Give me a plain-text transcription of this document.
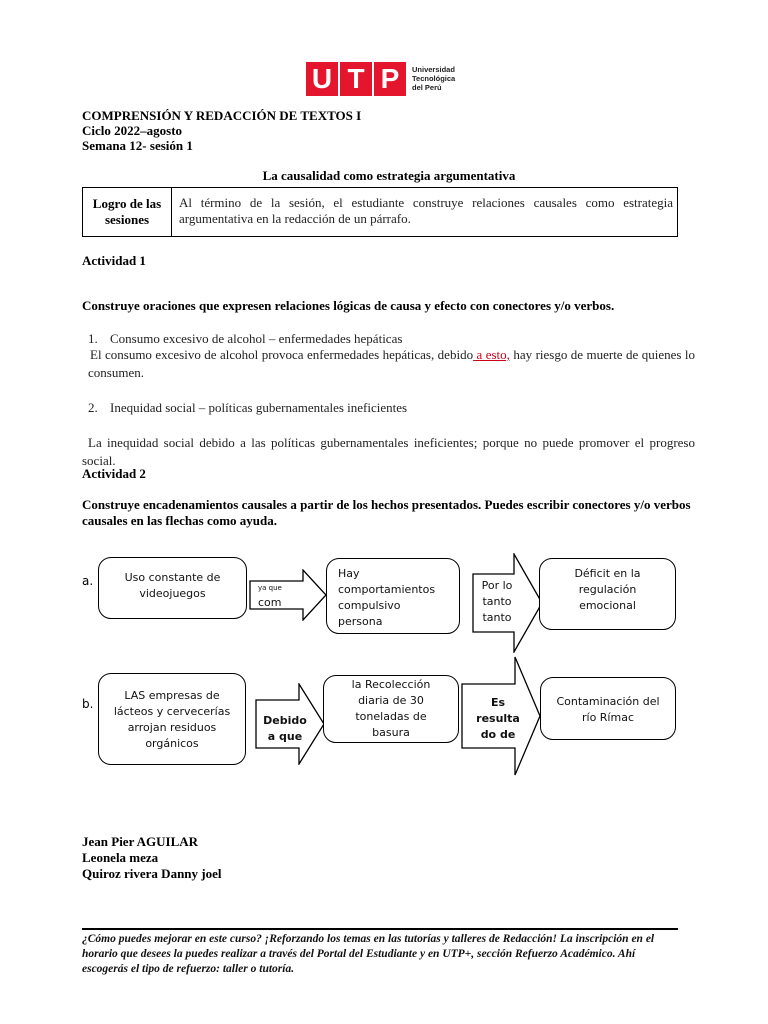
U T P	Universidad
Tecnológica
del Perú
COMPRENSIÓN Y REDACCIÓN DE TEXTOS I
Ciclo 2022–agosto
Semana 12- sesión 1
La causalidad como estrategia argumentativa
Logro de las sesiones
Al término de la sesión, el estudiante construye relaciones causales como estrategia argumentativa en la redacción de un párrafo.
Actividad 1
Construye oraciones que expresen relaciones lógicas de causa y efecto con conectores y/o verbos.
1. Consumo excesivo de alcohol – enfermedades hepáticas
El consumo excesivo de alcohol provoca enfermedades hepáticas, debido a esto, hay riesgo de muerte de quienes lo consumen.
2. Inequidad social – políticas gubernamentales ineficientes
La inequidad social debido a las políticas gubernamentales ineficientes; porque no puede promover el progreso social.
Actividad 2
Construye encadenamientos causales a partir de los hechos presentados. Puedes escribir conectores y/o verbos causales en las flechas como ayuda.
a.	Uso constante de videojuegos	ya que
com
Hay comportamientos compulsivo persona
Por lo tanto tanto
Déficit en la regulación emocional
b.
LAS empresas de lácteos y cervecerías arrojan residuos orgánicos
Debido a que
la Recolección diaria de 30 toneladas de basura
Es resulta do de
Contaminación del río Rímac
Jean Pier AGUILAR
Leonela meza
Quiroz rivera Danny joel
¿Cómo puedes mejorar en este curso? ¡Reforzando los temas en las tutorías y talleres de Redacción! La inscripción en el horario que desees la puedes realizar a través del Portal del Estudiante y en UTP+, sección Refuerzo Académico. Ahí escogerás el tipo de refuerzo: taller o tutoría.
